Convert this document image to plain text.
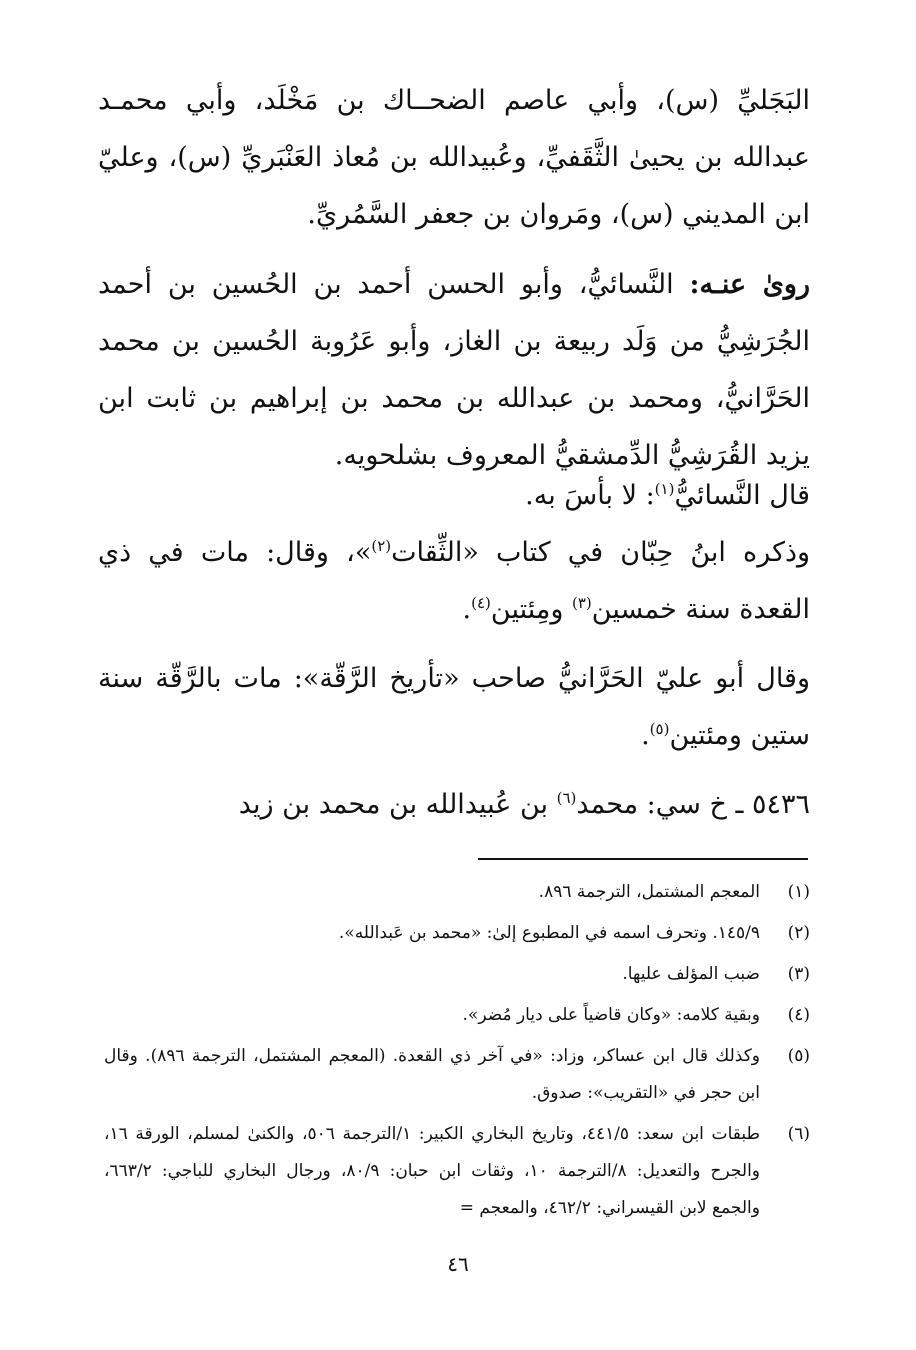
البَجَليِّ (س)، وأبي عاصم الضحــاك بن مَخْلَد، وأبي محمـد عبدالله بن يحيىٰ الثَّقَفيِّ، وعُبيدالله بن مُعاذ العَنْبَريِّ (س)، وعليّ ابن المديني (س)، ومَروان بن جعفر السَّمُريِّ.

روىٰ عنـه: النَّسائيُّ، وأبو الحسن أحمد بن الحُسين بن أحمد الجُرَشِيُّ من وَلَد ربيعة بن الغاز، وأبو عَرُوبة الحُسين بن محمد الحَرَّانيُّ، ومحمد بن عبدالله بن محمد بن إبراهيم بن ثابت ابن يزيد القُرَشِيُّ الدِّمشقيُّ المعروف بشلحويه.

قال النَّسائيُّ$^{(١)}$: لا بأسَ به.

وذكره ابنُ حِبّان في كتاب «الثِّقات$^{(٢)}$»، وقال: مات في ذي القعدة سنة خمسين$^{(٣)}$ ومِئتين$^{(٤)}$.

وقال أبو عليّ الحَرَّانيُّ صاحب «تأريخ الرَّقّة»: مات بالرَّقّة سنة ستين ومئتين$^{(٥)}$.

٥٤٣٦ ـ خ سي: محمد$^{(٦)}$ بن عُبيدالله بن محمد بن زيد

(١)
المعجم المشتمل، الترجمة ٨٩٦.
(٢)
١٤٥/٩. وتحرف اسمه في المطبوع إلىٰ: «محمد بن عَبدالله».
(٣)
ضبب المؤلف عليها.
(٤)
وبقية كلامه: «وكان قاضياً على ديار مُضر».
(٥)
وكذلك قال ابن عساكر، وزاد: «في آخر ذي القعدة. (المعجم المشتمل، الترجمة ٨٩٦). وقال ابن حجر في «التقريب»: صدوق.
(٦)
طبقات ابن سعد: ٤٤١/٥، وتاريخ البخاري الكبير: ١/الترجمة ٥٠٦، والكنىٰ لمسلم، الورقة ١٦، والجرح والتعديل: ٨/الترجمة ١٠، وثقات ابن حبان: ٨٠/٩، ورجال البخاري للباجي: ٦٦٣/٢، والجمع لابن القيسراني: ٤٦٢/٢، والمعجم =
٤٦
